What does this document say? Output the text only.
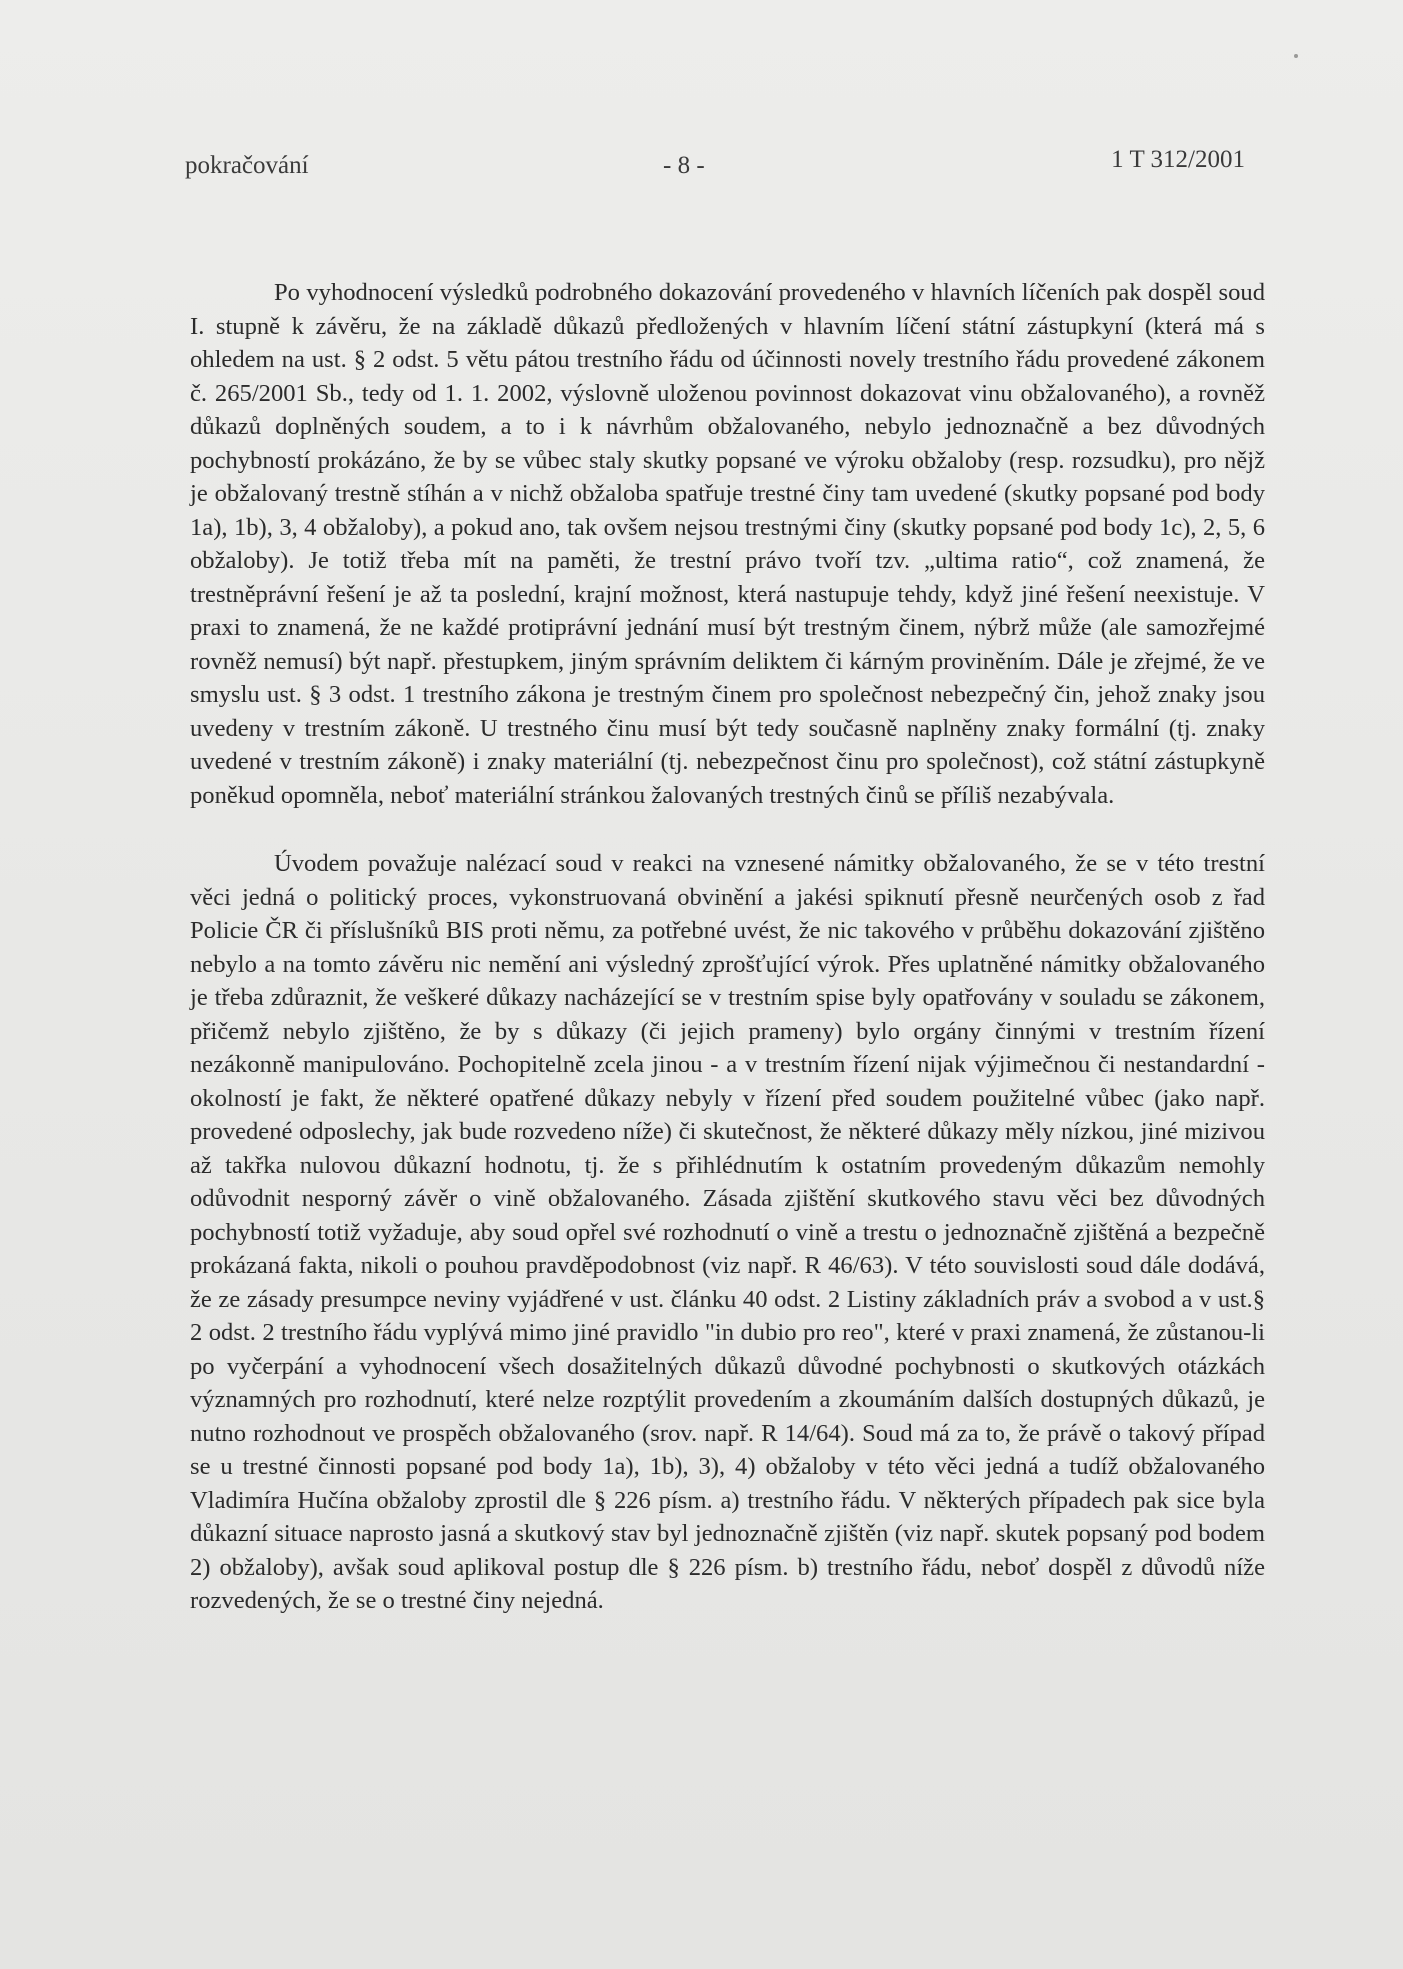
pokračování	- 8 -	1 T 312/2001

Po vyhodnocení výsledků podrobného dokazování provedeného v hlavních líčeních pak dospěl soud I. stupně k závěru, že na základě důkazů předložených v hlavním líčení státní zástupkyní (která má s ohledem na ust. § 2 odst. 5 větu pátou trestního řádu od účinnosti novely trestního řádu provedené zákonem č. 265/2001 Sb., tedy od 1. 1. 2002, výslovně uloženou povinnost dokazovat vinu obžalovaného), a rovněž důkazů doplněných soudem, a to i k návrhům obžalovaného, nebylo jednoznačně a bez důvodných pochybností prokázáno, že by se vůbec staly skutky popsané ve výroku obžaloby (resp. rozsudku), pro nějž je obžalovaný trestně stíhán a v nichž obžaloba spatřuje trestné činy tam uvedené (skutky popsané pod body 1a), 1b), 3, 4 obžaloby), a pokud ano, tak ovšem nejsou trestnými činy (skutky popsané pod body 1c), 2, 5, 6 obžaloby). Je totiž třeba mít na paměti, že trestní právo tvoří tzv. „ultima ratio“, což znamená, že trestněprávní řešení je až ta poslední, krajní možnost, která nastupuje tehdy, když jiné řešení neexistuje. V praxi to znamená, že ne každé protiprávní jednání musí být trestným činem, nýbrž může (ale samozřejmé rovněž nemusí) být např. přestupkem, jiným správním deliktem či kárným proviněním. Dále je zřejmé, že ve smyslu ust. § 3 odst. 1 trestního zákona je trestným činem pro společnost nebezpečný čin, jehož znaky jsou uvedeny v trestním zákoně. U trestného činu musí být tedy současně naplněny znaky formální (tj. znaky uvedené v trestním zákoně) i znaky materiální (tj. nebezpečnost činu pro společnost), což státní zástupkyně poněkud opomněla, neboť materiální stránkou žalovaných trestných činů se příliš nezabývala.

Úvodem považuje nalézací soud v reakci na vznesené námitky obžalovaného, že se v této trestní věci jedná o politický proces, vykonstruovaná obvinění a jakési spiknutí přesně neurčených osob z řad Policie ČR či příslušníků BIS proti němu, za potřebné uvést, že nic takového v průběhu dokazování zjištěno nebylo a na tomto závěru nic nemění ani výsledný zprošťující výrok. Přes uplatněné námitky obžalovaného je třeba zdůraznit, že veškeré důkazy nacházející se v trestním spise byly opatřovány v souladu se zákonem, přičemž nebylo zjištěno, že by s důkazy (či jejich prameny) bylo orgány činnými v trestním řízení nezákonně manipulováno. Pochopitelně zcela jinou - a v trestním řízení nijak výjimečnou či nestandardní - okolností je fakt, že některé opatřené důkazy nebyly v řízení před soudem použitelné vůbec (jako např. provedené odposlechy, jak bude rozvedeno níže) či skutečnost, že některé důkazy měly nízkou, jiné mizivou až takřka nulovou důkazní hodnotu, tj. že s přihlédnutím k ostatním provedeným důkazům nemohly odůvodnit nesporný závěr o vině obžalovaného. Zásada zjištění skutkového stavu věci bez důvodných pochybností totiž vyžaduje, aby soud opřel své rozhodnutí o vině a trestu o jednoznačně zjištěná a bezpečně prokázaná fakta, nikoli o pouhou pravděpodobnost (viz např. R 46/63). V této souvislosti soud dále dodává, že ze zásady presumpce neviny vyjádřené v ust. článku 40 odst. 2 Listiny základních práv a svobod a v ust.§ 2 odst. 2 trestního řádu vyplývá mimo jiné pravidlo "in dubio pro reo", které v praxi znamená, že zůstanou-li po vyčerpání a vyhodnocení všech dosažitelných důkazů důvodné pochybnosti o skutkových otázkách významných pro rozhodnutí, které nelze rozptýlit provedením a zkoumáním dalších dostupných důkazů, je nutno rozhodnout ve prospěch obžalovaného (srov. např. R 14/64). Soud má za to, že právě o takový případ se u trestné činnosti popsané pod body 1a), 1b), 3), 4) obžaloby v této věci jedná a tudíž obžalovaného Vladimíra Hučína obžaloby zprostil dle § 226 písm. a) trestního řádu. V některých případech pak sice byla důkazní situace naprosto jasná a skutkový stav byl jednoznačně zjištěn (viz např. skutek popsaný pod bodem 2) obžaloby), avšak soud aplikoval postup dle § 226 písm. b) trestního řádu, neboť dospěl z důvodů níže rozvedených, že se o trestné činy nejedná.
